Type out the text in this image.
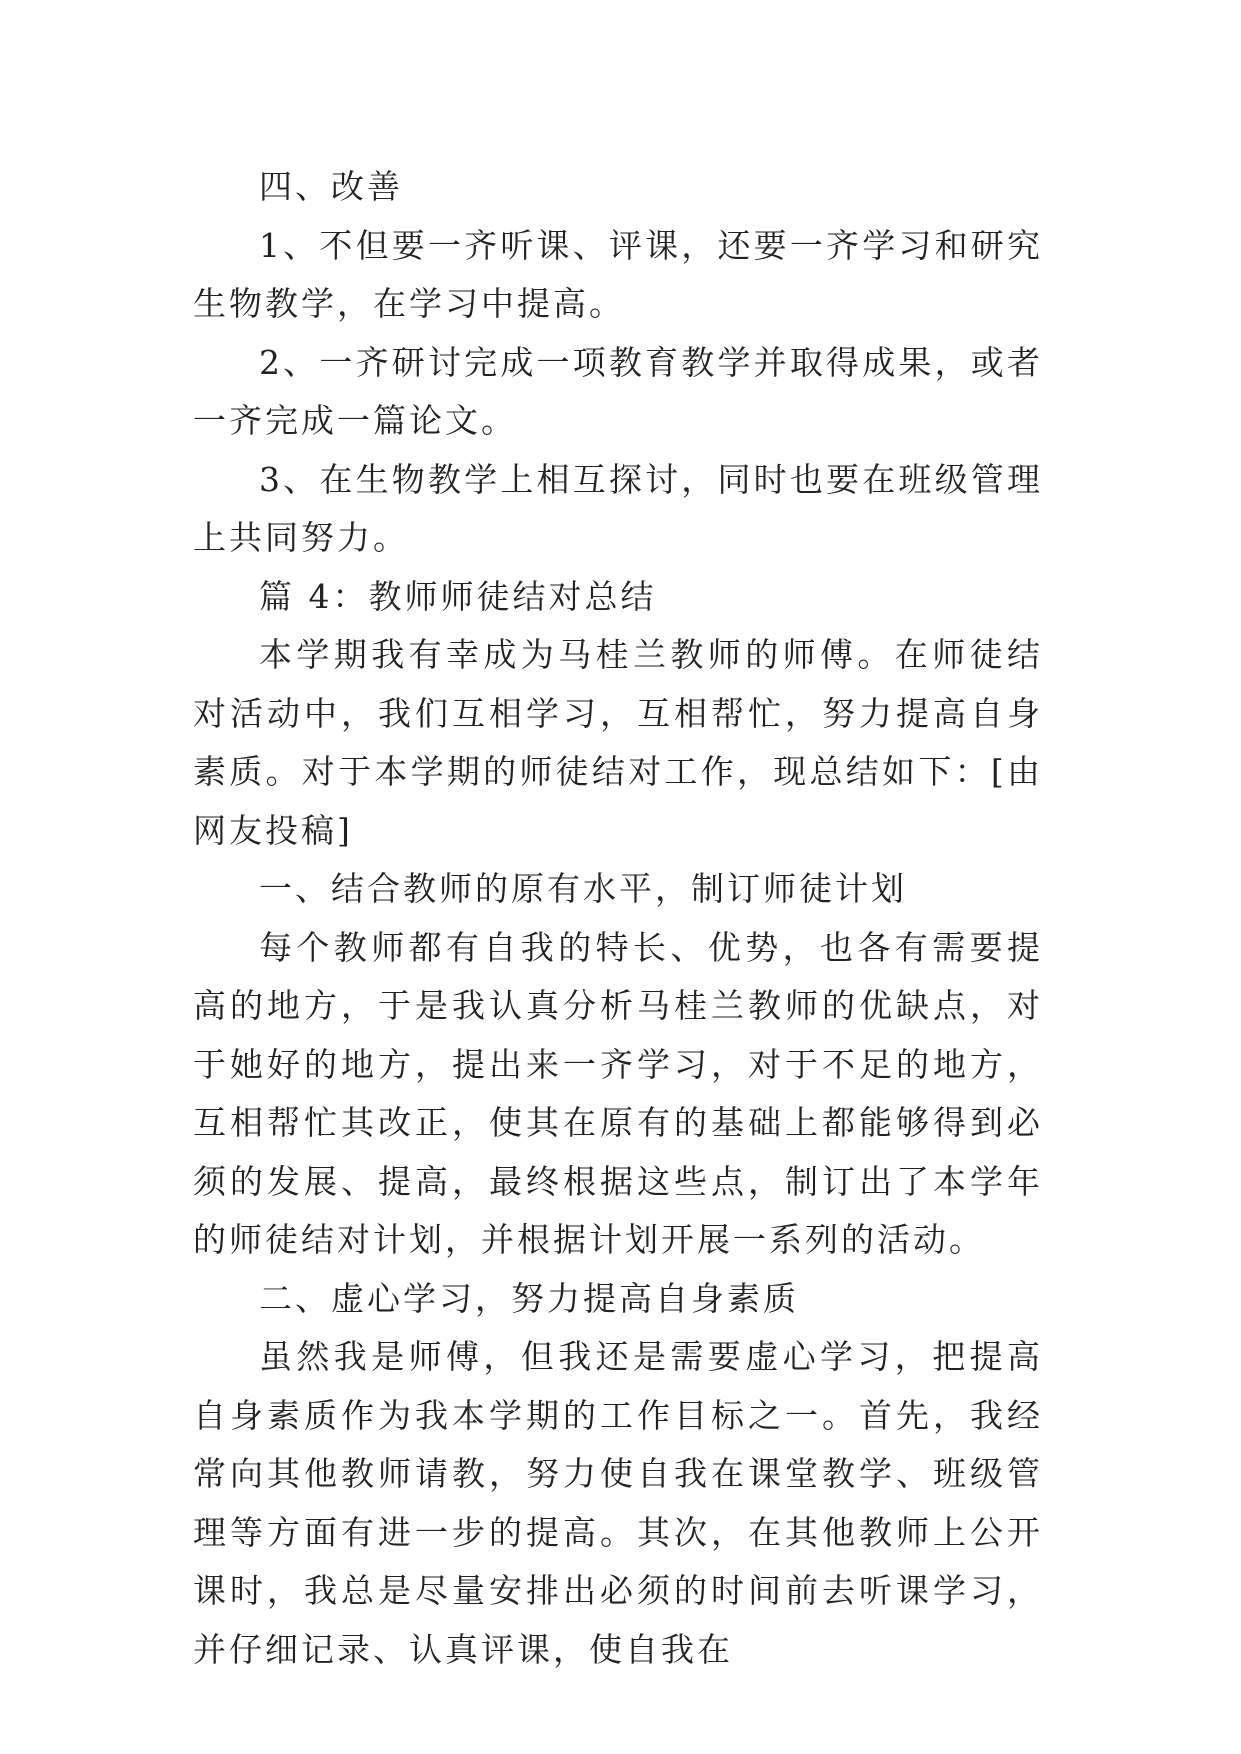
四、改善

1、不但要一齐听课、评课，还要一齐学习和研究生物教学，在学习中提高。

2、一齐研讨完成一项教育教学并取得成果，或者一齐完成一篇论文。

3、在生物教学上相互探讨，同时也要在班级管理上共同努力。

篇 4：教师师徒结对总结

本学期我有幸成为马桂兰教师的师傅。在师徒结对活动中，我们互相学习，互相帮忙，努力提高自身素质。对于本学期的师徒结对工作，现总结如下：[由网友投稿]

一、结合教师的原有水平，制订师徒计划

每个教师都有自我的特长、优势，也各有需要提高的地方，于是我认真分析马桂兰教师的优缺点，对于她好的地方，提出来一齐学习，对于不足的地方，互相帮忙其改正，使其在原有的基础上都能够得到必须的发展、提高，最终根据这些点，制订出了本学年的师徒结对计划，并根据计划开展一系列的活动。

二、虚心学习，努力提高自身素质

虽然我是师傅，但我还是需要虚心学习，把提高自身素质作为我本学期的工作目标之一。首先，我经常向其他教师请教，努力使自我在课堂教学、班级管理等方面有进一步的提高。其次，在其他教师上公开课时，我总是尽量安排出必须的时间前去听课学习，并仔细记录、认真评课，使自我在
